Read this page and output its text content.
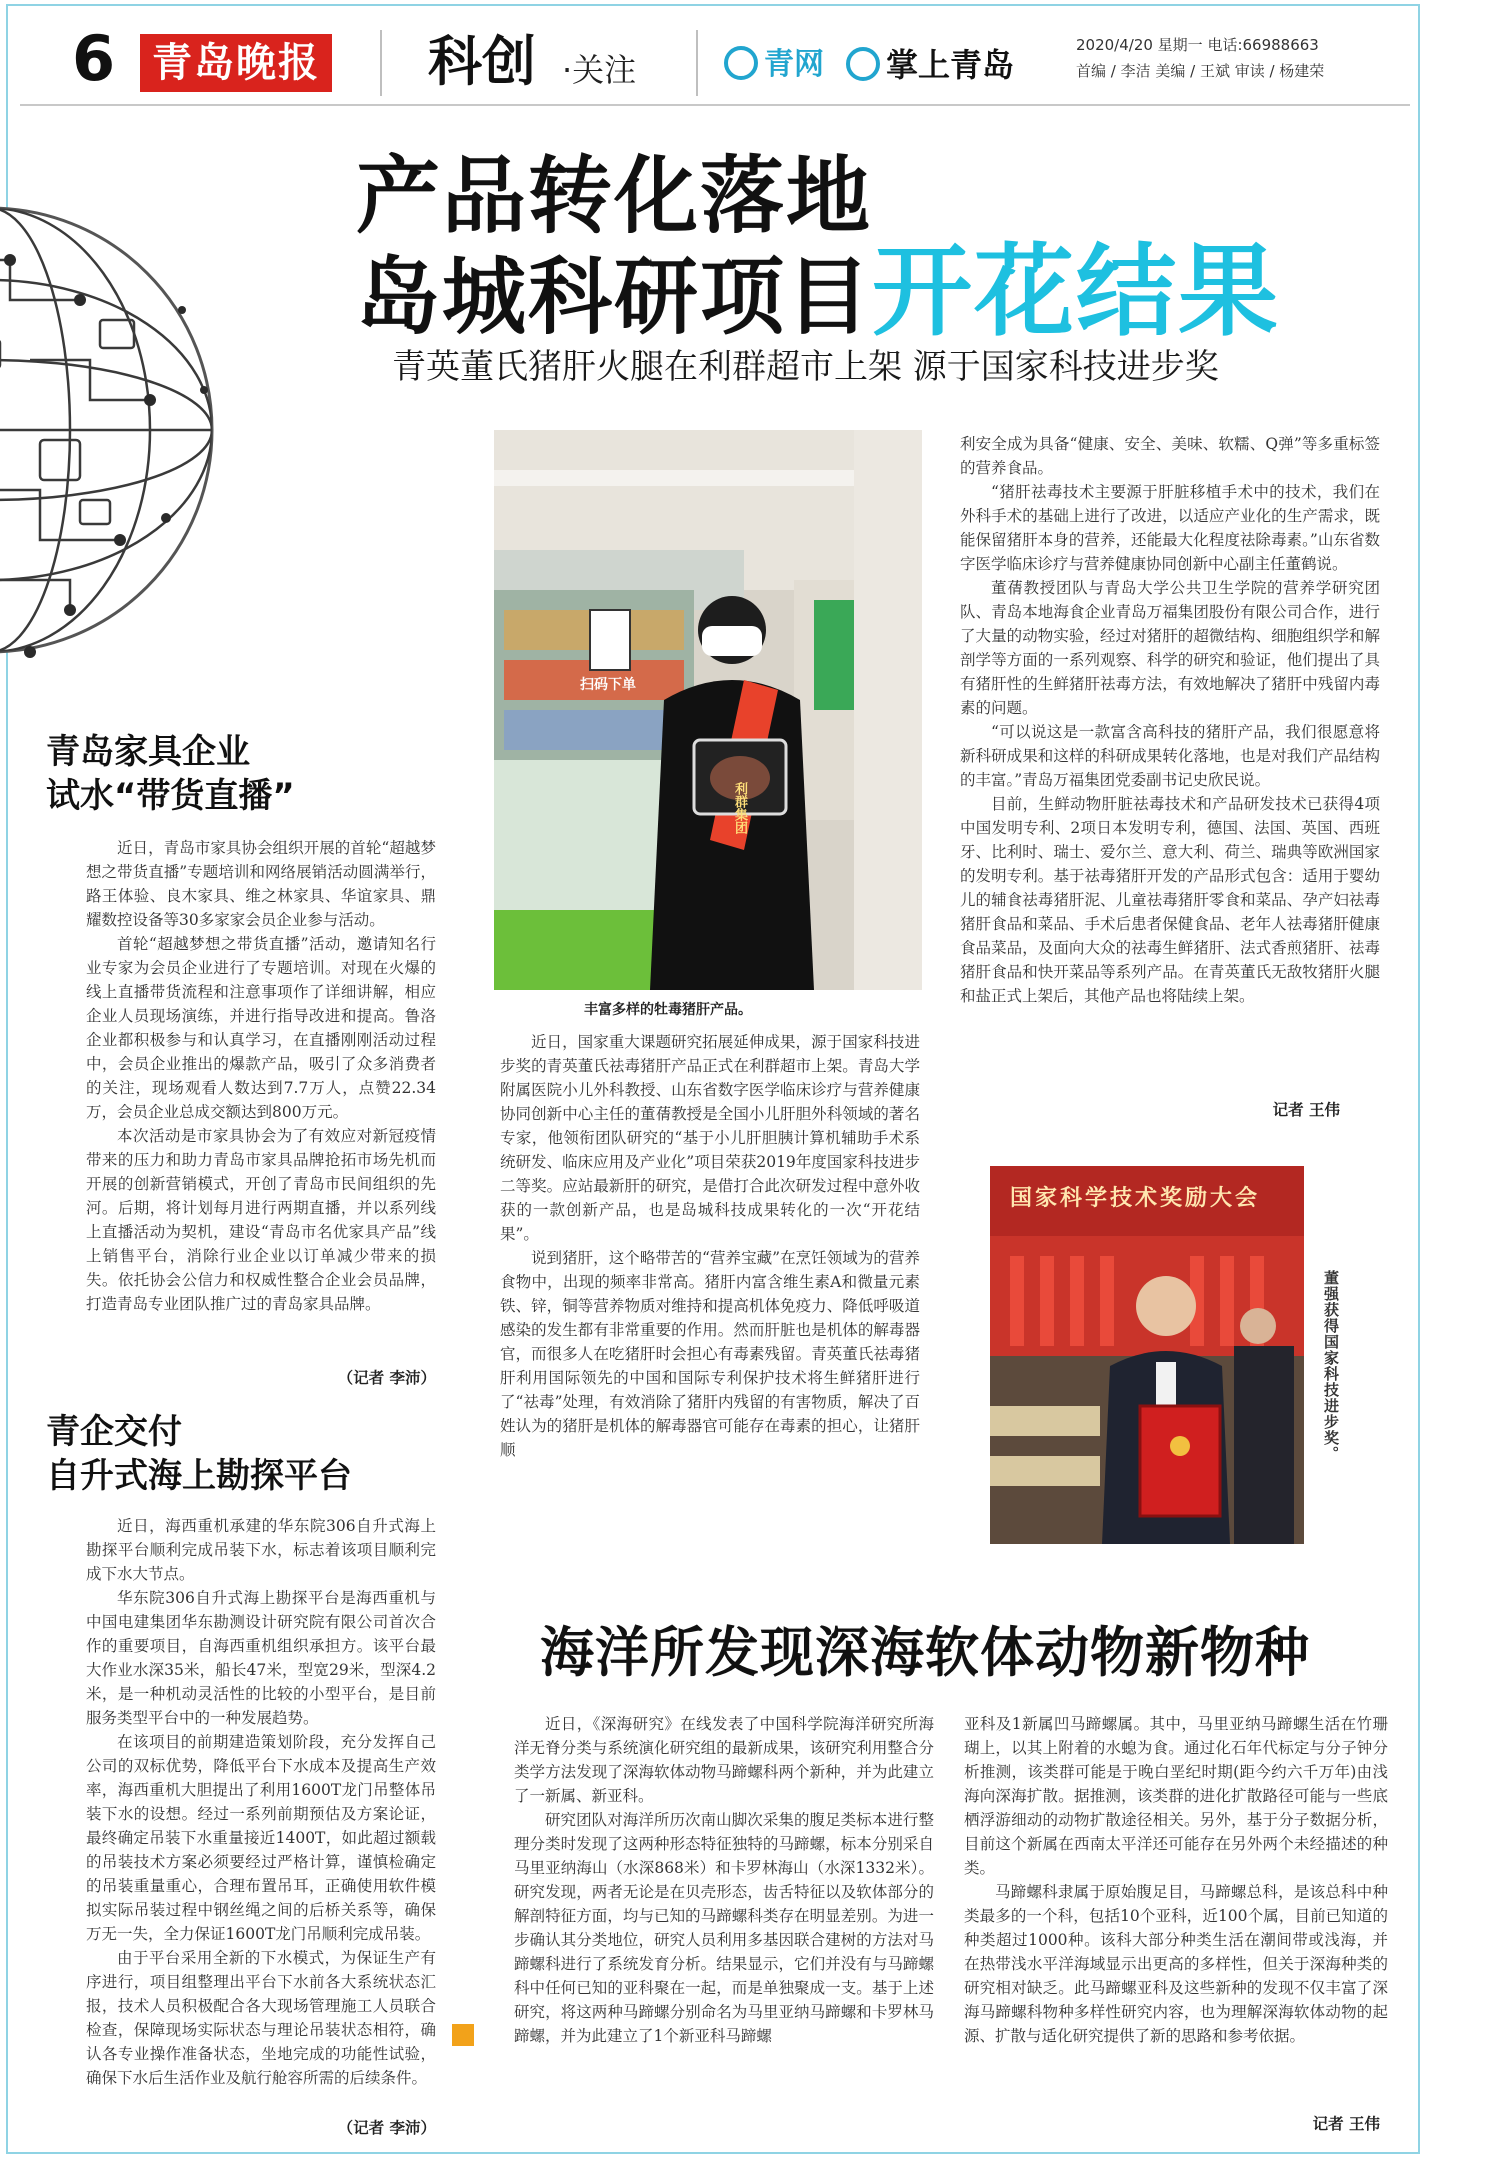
6 青岛晚报 科创 ·关注	青网	掌上青岛
2020/4/20 星期一 电话:66988663
首编 / 李洁 美编 / 王斌 审读 / 杨建荣
产品转化落地
岛城科研项目开花结果
青英董氏猪肝火腿在利群超市上架 源于国家科技进步奖
扫码下单
利群集团
丰富多样的牡毒猪肝产品。

近日，国家重大课题研究拓展延伸成果，源于国家科技进步奖的青英董氏祛毒猪肝产品正式在利群超市上架。青岛大学附属医院小儿外科教授、山东省数字医学临床诊疗与营养健康协同创新中心主任的董蒨教授是全国小儿肝胆外科领域的著名专家，他领衔团队研究的“基于小儿肝胆胰计算机辅助手术系统研发、临床应用及产业化”项目荣获2019年度国家科技进步二等奖。应站最新肝的研究，是借打合此次研发过程中意外收获的一款创新产品，也是岛城科技成果转化的一次“开花结果”。

说到猪肝，这个略带苦的“营养宝藏”在烹饪领域为的营养食物中，出现的频率非常高。猪肝内富含维生素A和微量元素铁、锌，铜等营养物质对维持和提高机体免疫力、降低呼吸道感染的发生都有非常重要的作用。然而肝脏也是机体的解毒器官，而很多人在吃猪肝时会担心有毒素残留。青英董氏祛毒猪肝利用国际领先的中国和国际专利保护技术将生鲜猪肝进行了“祛毒”处理，有效消除了猪肝内残留的有害物质，解决了百姓认为的猪肝是机体的解毒器官可能存在毒素的担心，让猪肝顺

利安全成为具备“健康、安全、美味、软糯、Q弹”等多重标签的营养食品。

“猪肝祛毒技术主要源于肝脏移植手术中的技术，我们在外科手术的基础上进行了改进，以适应产业化的生产需求，既能保留猪肝本身的营养，还能最大化程度祛除毒素。”山东省数字医学临床诊疗与营养健康协同创新中心副主任董鹤说。

董蒨教授团队与青岛大学公共卫生学院的营养学研究团队、青岛本地海食企业青岛万福集团股份有限公司合作，进行了大量的动物实验，经过对猪肝的超微结构、细胞组织学和解剖学等方面的一系列观察、科学的研究和验证，他们提出了具有猪肝性的生鲜猪肝祛毒方法，有效地解决了猪肝中残留内毒素的问题。

“可以说这是一款富含高科技的猪肝产品，我们很愿意将新科研成果和这样的科研成果转化落地，也是对我们产品结构的丰富。”青岛万福集团党委副书记史欣民说。

目前，生鲜动物肝脏祛毒技术和产品研发技术已获得4项中国发明专利、2项日本发明专利，德国、法国、英国、西班牙、比利时、瑞士、爱尔兰、意大利、荷兰、瑞典等欧洲国家的发明专利。基于祛毒猪肝开发的产品形式包含：适用于婴幼儿的辅食祛毒猪肝泥、儿童祛毒猪肝零食和菜品、孕产妇祛毒猪肝食品和菜品、手术后患者保健食品、老年人祛毒猪肝健康食品菜品，及面向大众的祛毒生鲜猪肝、法式香煎猪肝、祛毒猪肝食品和快开菜品等系列产品。在青英董氏无敌牧猪肝火腿和盐正式上架后，其他产品也将陆续上架。

记者 王伟
国家科学技术奖励大会
董强获得国家科技进步奖。
青岛家具企业
试水“带货直播”

近日，青岛市家具协会组织开展的首轮“超越梦想之带货直播”专题培训和网络展销活动圆满举行，路王体验、良木家具、维之林家具、华谊家具、鼎耀数控设备等30多家家会员企业参与活动。

首轮“超越梦想之带货直播”活动，邀请知名行业专家为会员企业进行了专题培训。对现在火爆的线上直播带货流程和注意事项作了详细讲解，相应企业人员现场演练，并进行指导改进和提高。鲁洛企业都积极参与和认真学习，在直播刚刚活动过程中，会员企业推出的爆款产品，吸引了众多消费者的关注，现场观看人数达到7.7万人，点赞22.34万，会员企业总成交额达到800万元。

本次活动是市家具协会为了有效应对新冠疫情带来的压力和助力青岛市家具品牌抢拓市场先机而开展的创新营销模式，开创了青岛市民间组织的先河。后期，将计划每月进行两期直播，并以系列线上直播活动为契机，建设“青岛市名优家具产品”线上销售平台，消除行业企业以订单减少带来的损失。依托协会公信力和权威性整合企业会员品牌，打造青岛专业团队推广过的青岛家具品牌。

（记者 李沛）
青企交付
自升式海上勘探平台

近日，海西重机承建的华东院306自升式海上勘探平台顺利完成吊装下水，标志着该项目顺利完成下水大节点。

华东院306自升式海上勘探平台是海西重机与中国电建集团华东勘测设计研究院有限公司首次合作的重要项目，自海西重机组织承担方。该平台最大作业水深35米，船长47米，型宽29米，型深4.2米，是一种机动灵活性的比较的小型平台，是目前服务类型平台中的一种发展趋势。

在该项目的前期建造策划阶段，充分发挥自己公司的双标优势，降低平台下水成本及提高生产效率，海西重机大胆提出了利用1600T龙门吊整体吊装下水的设想。经过一系列前期预估及方案论证，最终确定吊装下水重量接近1400T，如此超过额载的吊装技术方案必须要经过严格计算，谨慎检确定的吊装重量重心，合理布置吊耳，正确使用软件模拟实际吊装过程中钢丝绳之间的后桥关系等，确保万无一失，全力保证1600T龙门吊顺利完成吊装。

由于平台采用全新的下水模式，为保证生产有序进行，项目组整理出平台下水前各大系统状态汇报，技术人员积极配合各大现场管理施工人员联合检查，保障现场实际状态与理论吊装状态相符，确认各专业操作准备状态，坐地完成的功能性试验，确保下水后生活作业及航行舱容所需的后续条件。

（记者 李沛）
海洋所发现深海软体动物新物种

近日，《深海研究》在线发表了中国科学院海洋研究所海洋无脊分类与系统演化研究组的最新成果，该研究利用整合分类学方法发现了深海软体动物马蹄螺科两个新种，并为此建立了一新属、新亚科。

研究团队对海洋所历次南山脚次采集的腹足类标本进行整理分类时发现了这两种形态特征独特的马蹄螺，标本分别采自马里亚纳海山（水深868米）和卡罗林海山（水深1332米）。研究发现，两者无论是在贝壳形态，齿舌特征以及软体部分的解剖特征方面，均与已知的马蹄螺科类存在明显差别。为进一步确认其分类地位，研究人员利用多基因联合建树的方法对马蹄螺科进行了系统发育分析。结果显示，它们并没有与马蹄螺科中任何已知的亚科聚在一起，而是单独聚成一支。基于上述研究，将这两种马蹄螺分别命名为马里亚纳马蹄螺和卡罗林马蹄螺，并为此建立了1个新亚科马蹄螺

亚科及1新属凹马蹄螺属。其中，马里亚纳马蹄螺生活在竹珊瑚上，以其上附着的水螅为食。通过化石年代标定与分子钟分析推测，该类群可能是于晚白垩纪时期(距今约六千万年)由浅海向深海扩散。据推测，该类群的进化扩散路径可能与一些底栖浮游细动的动物扩散途径相关。另外，基于分子数据分析，目前这个新属在西南太平洋还可能存在另外两个未经描述的种类。

马蹄螺科隶属于原始腹足目，马蹄螺总科，是该总科中种类最多的一个科，包括10个亚科，近100个属，目前已知道的种类超过1000种。该科大部分种类生活在潮间带或浅海，并在热带浅水平洋海域显示出更高的多样性，但关于深海种类的研究相对缺乏。此马蹄螺亚科及这些新种的发现不仅丰富了深海马蹄螺科物种多样性研究内容，也为理解深海软体动物的起源、扩散与适化研究提供了新的思路和参考依据。

记者 王伟
